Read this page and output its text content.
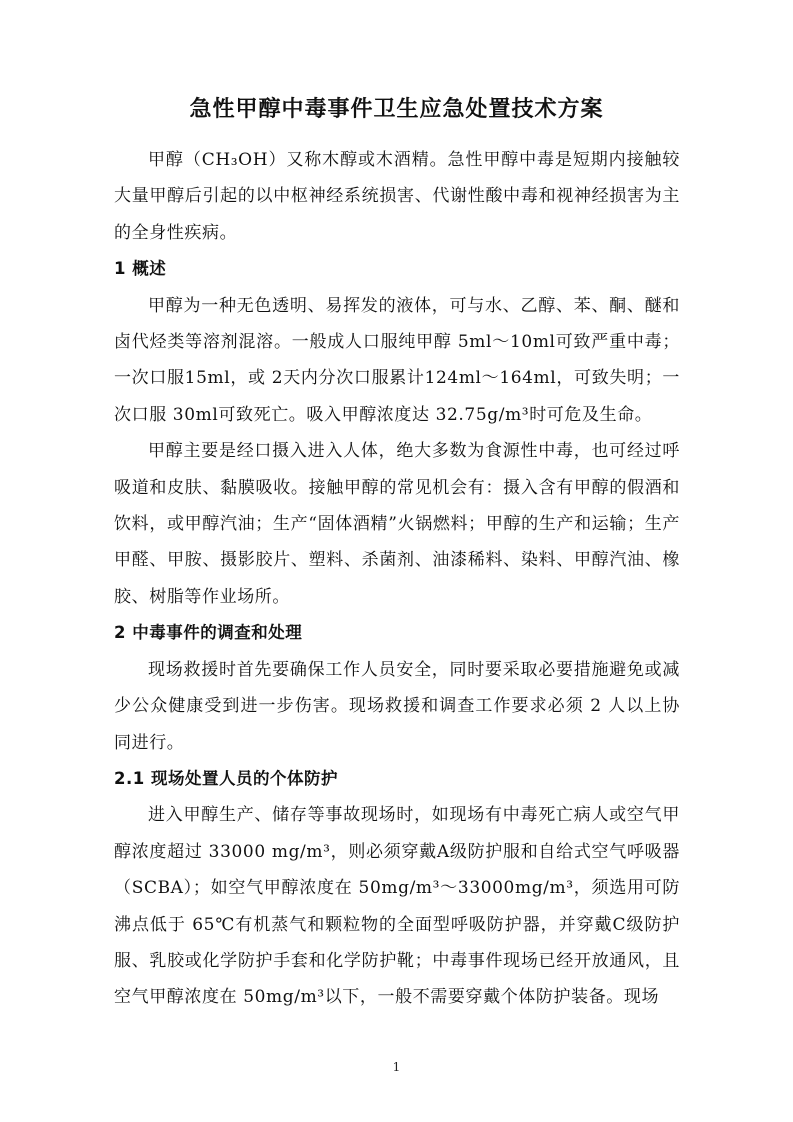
急性甲醇中毒事件卫生应急处置技术方案

甲醇（CH₃OH）又称木醇或木酒精。急性甲醇中毒是短期内接触较大量甲醇后引起的以中枢神经系统损害、代谢性酸中毒和视神经损害为主的全身性疾病。

1 概述

甲醇为一种无色透明、易挥发的液体，可与水、乙醇、苯、酮、醚和卤代烃类等溶剂混溶。一般成人口服纯甲醇 5ml～10ml可致严重中毒；一次口服15ml，或 2天内分次口服累计124ml～164ml，可致失明；一次口服 30ml可致死亡。吸入甲醇浓度达 32.75g/m³时可危及生命。

甲醇主要是经口摄入进入人体，绝大多数为食源性中毒，也可经过呼吸道和皮肤、黏膜吸收。接触甲醇的常见机会有：摄入含有甲醇的假酒和饮料，或甲醇汽油；生产“固体酒精”火锅燃料；甲醇的生产和运输；生产甲醛、甲胺、摄影胶片、塑料、杀菌剂、油漆稀料、染料、甲醇汽油、橡胶、树脂等作业场所。

2 中毒事件的调查和处理

现场救援时首先要确保工作人员安全，同时要采取必要措施避免或减少公众健康受到进一步伤害。现场救援和调查工作要求必须 2 人以上协同进行。

2.1 现场处置人员的个体防护

进入甲醇生产、储存等事故现场时，如现场有中毒死亡病人或空气甲醇浓度超过 33000 mg/m³，则必须穿戴A级防护服和自给式空气呼吸器（SCBA）；如空气甲醇浓度在 50mg/m³～33000mg/m³，须选用可防沸点低于 65℃有机蒸气和颗粒物的全面型呼吸防护器，并穿戴C级防护服、乳胶或化学防护手套和化学防护靴；中毒事件现场已经开放通风，且空气甲醇浓度在 50mg/m³以下，一般不需要穿戴个体防护装备。现场

1
